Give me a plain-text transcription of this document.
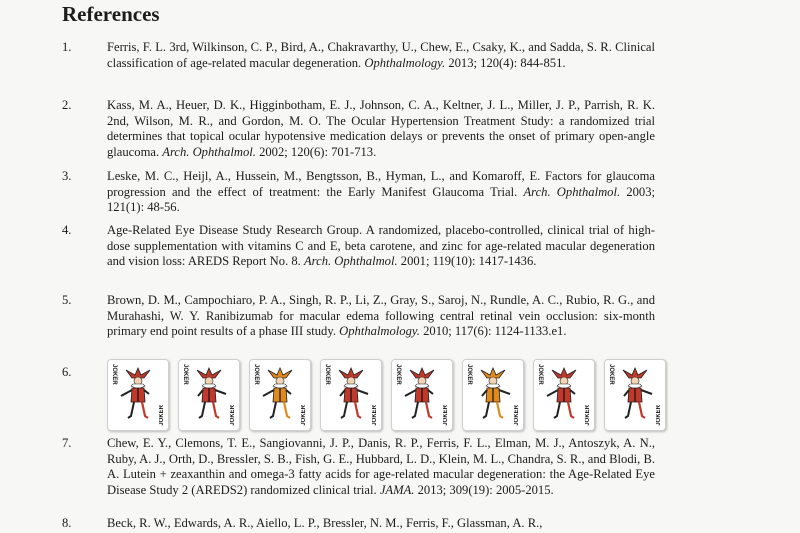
References
1.	Ferris, F. L. 3rd, Wilkinson, C. P., Bird, A., Chakravarthy, U., Chew, E., Csaky, K., and Sadda, S. R. Clinical classification of age-related macular degeneration. Ophthalmology. 2013; 120(4): 844-851.
2.	Kass, M. A., Heuer, D. K., Higginbotham, E. J., Johnson, C. A., Keltner, J. L., Miller, J. P., Parrish, R. K. 2nd, Wilson, M. R., and Gordon, M. O. The Ocular Hypertension Treatment Study: a randomized trial determines that topical ocular hypotensive medication delays or prevents the onset of primary open-angle glaucoma. Arch. Ophthalmol. 2002; 120(6): 701-713.
3.	Leske, M. C., Heijl, A., Hussein, M., Bengtsson, B., Hyman, L., and Komaroff, E. Factors for glaucoma progression and the effect of treatment: the Early Manifest Glaucoma Trial. Arch. Ophthalmol. 2003; 121(1): 48-56.
4.	Age-Related Eye Disease Study Research Group. A randomized, placebo-controlled, clinical trial of high-dose supplementation with vitamins C and E, beta carotene, and zinc for age-related macular degeneration and vision loss: AREDS Report No. 8. Arch. Ophthalmol. 2001; 119(10): 1417-1436.
5.	Brown, D. M., Campochiaro, P. A., Singh, R. P., Li, Z., Gray, S., Saroj, N., Rundle, A. C., Rubio, R. G., and Murahashi, W. Y. Ranibizumab for macular edema following central retinal vein occlusion: six-month primary end point results of a phase III study. Ophthalmology. 2010; 117(6): 1124-1133.e1.
6.	JOKER
JOKER
JOKER
JOKER
JOKER
JOKER
JOKER
JOKER
JOKER
JOKER
JOKER
JOKER
JOKER
JOKER
JOKER
JOKER
7.	Chew, E. Y., Clemons, T. E., Sangiovanni, J. P., Danis, R. P., Ferris, F. L., Elman, M. J., Antoszyk, A. N., Ruby, A. J., Orth, D., Bressler, S. B., Fish, G. E., Hubbard, L. D., Klein, M. L., Chandra, S. R., and Blodi, B. A. Lutein + zeaxanthin and omega-3 fatty acids for age-related macular degeneration: the Age-Related Eye Disease Study 2 (AREDS2) randomized clinical trial. JAMA. 2013; 309(19): 2005-2015.
8.	Beck, R. W., Edwards, A. R., Aiello, L. P., Bressler, N. M., Ferris, F., Glassman, A. R.,
